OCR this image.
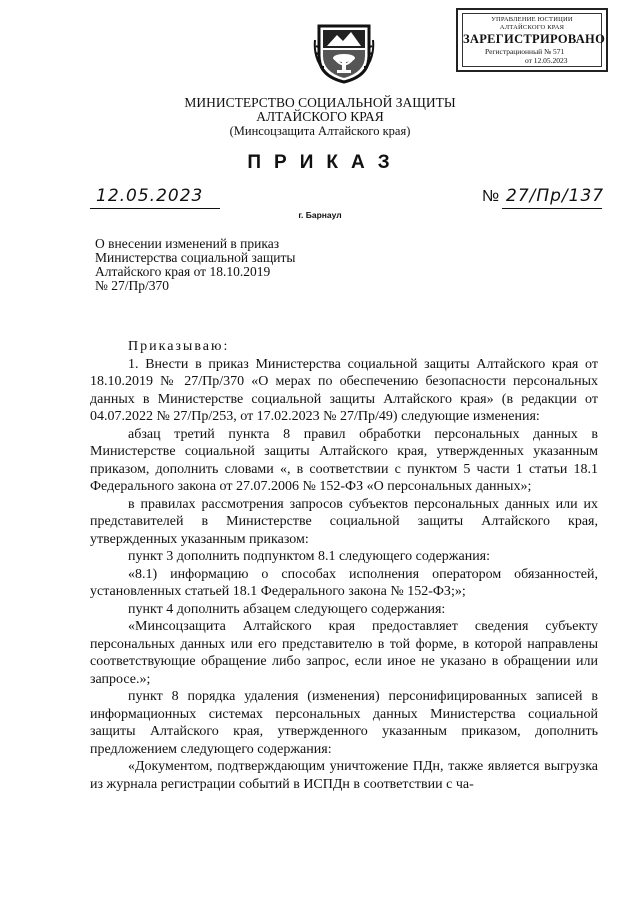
УПРАВЛЕНИЕ ЮСТИЦИИ
АЛТАЙСКОГО КРАЯ
ЗАРЕГИСТРИРОВАНО
Регистрационный № 571
от 12.05.2023
МИНИСТЕРСТВО СОЦИАЛЬНОЙ ЗАЩИТЫ
АЛТАЙСКОГО КРАЯ
(Минсоцзащита Алтайского края)
ПРИКАЗ
12.05.2023	№ 27/Пр/137
г. Барнаул
О внесении изменений в приказ
Министерства социальной защиты
Алтайского края от 18.10.2019
№ 27/Пр/370

Приказываю:

1. Внести в приказ Министерства социальной защиты Алтайского края от 18.10.2019 № 27/Пр/370 «О мерах по обеспечению безопасности персональных данных в Министерстве социальной защиты Алтайского края» (в редакции от 04.07.2022 № 27/Пр/253, от 17.02.2023 № 27/Пр/49) следующие изменения:

абзац третий пункта 8 правил обработки персональных данных в Министерстве социальной защиты Алтайского края, утвержденных указанным приказом, дополнить словами «, в соответствии с пунктом 5 части 1 статьи 18.1 Федерального закона от 27.07.2006 № 152-ФЗ «О персональных данных»;

в правилах рассмотрения запросов субъектов персональных данных или их представителей в Министерстве социальной защиты Алтайского края, утвержденных указанным приказом:

пункт 3 дополнить подпунктом 8.1 следующего содержания:

«8.1) информацию о способах исполнения оператором обязанностей, установленных статьей 18.1 Федерального закона № 152-ФЗ;»;

пункт 4 дополнить абзацем следующего содержания:

«Минсоцзащита Алтайского края предоставляет сведения субъекту персональных данных или его представителю в той форме, в которой направлены соответствующие обращение либо запрос, если иное не указано в обращении или запросе.»;

пункт 8 порядка удаления (изменения) персонифицированных записей в информационных системах персональных данных Министерства социальной защиты Алтайского края, утвержденного указанным приказом, дополнить предложением следующего содержания:

«Документом, подтверждающим уничтожение ПДн, также является выгрузка из журнала регистрации событий в ИСПДн в соответствии с ча-
